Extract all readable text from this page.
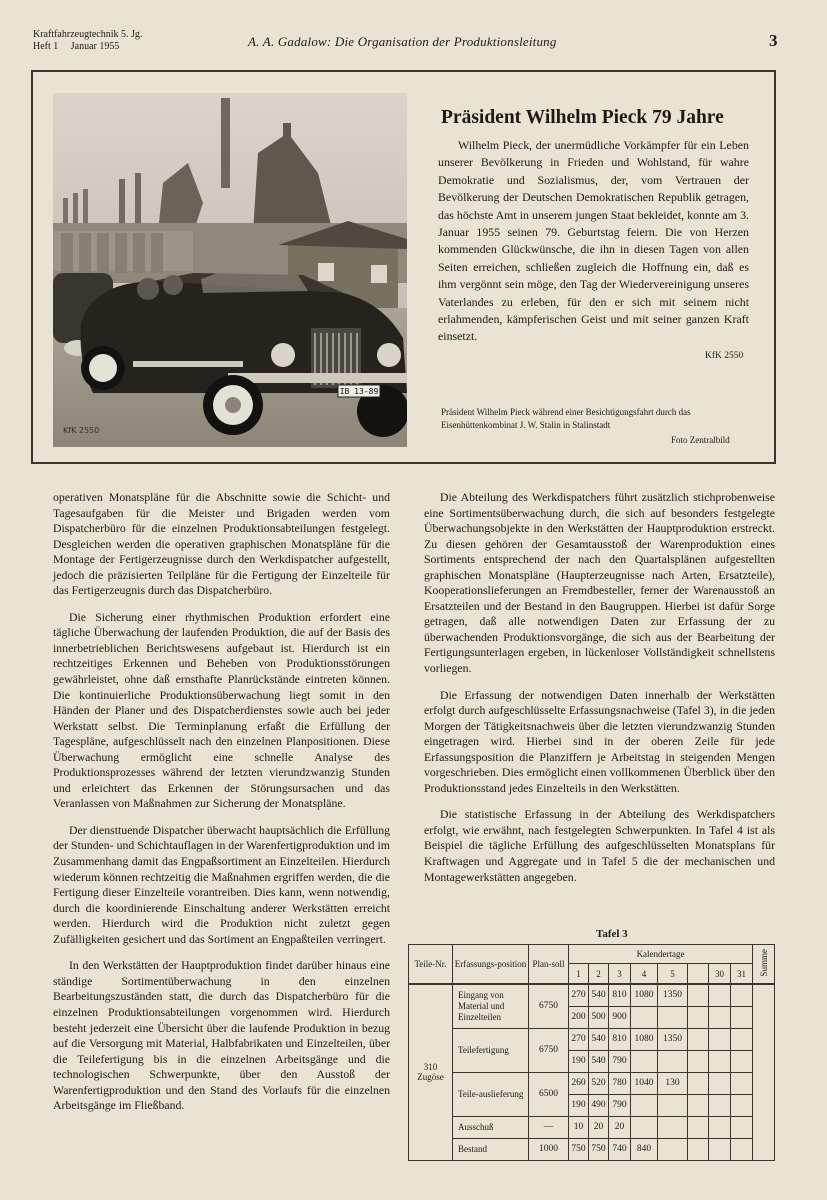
Kraftfahrzeugtechnik 5. Jg.
Heft 1     Januar 1955	A. A. Gadalow: Die Organisation der Produktionsleitung	3
IB 13-89
KfK 2550
Präsident Wilhelm Pieck 79 Jahre

Wilhelm Pieck, der unermüdliche Vorkämpfer für ein Leben unserer Bevölkerung in Frieden und Wohlstand, für wahre Demokratie und Sozialismus, der, vom Vertrauen der Bevölkerung der Deutschen Demokratischen Republik getragen, das höchste Amt in unserem jungen Staat bekleidet, konnte am 3. Januar 1955 seinen 79. Geburtstag feiern. Die von Herzen kommenden Glückwünsche, die ihn in diesen Tagen von allen Seiten erreichen, schließen zugleich die Hoffnung ein, daß es ihm vergönnt sein möge, den Tag der Wiedervereinigung unseres Vaterlandes zu erleben, für den er sich mit seinem nicht erlahmenden, kämpferischen Geist und mit seiner ganzen Kraft einsetzt.

KfK 2550
Präsident Wilhelm Pieck während einer Besichtigungsfahrt durch das Eisenhüttenkombinat J. W. Stalin in Stalinstadt
Foto Zentralbild

operativen Monatspläne für die Abschnitte sowie die Schicht- und Tagesaufgaben für die Meister und Brigaden werden vom Dispatcherbüro für die einzelnen Produktionsabteilungen festgelegt. Desgleichen werden die operativen graphischen Monatspläne für die Montage der Fertigerzeugnisse durch den Werkdispatcher aufgestellt, jedoch die präzisierten Teilpläne für die Fertigung der Einzelteile für das Fertigerzeugnis durch das Dispatcherbüro.

Die Sicherung einer rhythmischen Produktion erfordert eine tägliche Überwachung der laufenden Produktion, die auf der Basis des innerbetrieblichen Berichtswesens aufgebaut ist. Hierdurch ist ein rechtzeitiges Erkennen und Beheben von Produktionsstörungen gewährleistet, ohne daß ernsthafte Planrückstände eintreten können. Die kontinuierliche Produktionsüberwachung liegt somit in den Händen der Planer und des Dispatcherdienstes sowie auch bei jeder Werkstatt selbst. Die Terminplanung erfaßt die Erfüllung der Tagespläne, aufgeschlüsselt nach den einzelnen Planpositionen. Diese Überwachung ermöglicht eine schnelle Analyse des Produktionsprozesses während der letzten vierundzwanzig Stunden und erleichtert das Erkennen der Störungsursachen und das Veranlassen von Maßnahmen zur Sicherung der Monatspläne.

Der diensttuende Dispatcher überwacht hauptsächlich die Erfüllung der Stunden- und Schichtauflagen in der Warenfertigproduktion und im Zusammenhang damit das Engpaßsortiment an Einzelteilen. Hierdurch wiederum können rechtzeitig die Maßnahmen ergriffen werden, die die Fertigung dieser Einzelteile vorantreiben. Dies kann, wenn notwendig, durch die koordinierende Einschaltung anderer Werkstätten erreicht werden. Hierdurch wird die Produktion nicht zuletzt gegen Zufälligkeiten gesichert und das Sortiment an Engpaßteilen verringert.

In den Werkstätten der Hauptproduktion findet darüber hinaus eine ständige Sortimentüberwachung in den einzelnen Bearbeitungszuständen statt, die durch das Dispatcherbüro für die einzelnen Produktionsabteilungen vorgenommen wird. Hierdurch besteht jederzeit eine Übersicht über die laufende Produktion in bezug auf die Versorgung mit Material, Halbfabrikaten und Einzelteilen, über die Teilefertigung bis in die einzelnen Arbeitsgänge und die technologischen Schwerpunkte, über den Ausstoß der Warenfertigproduktion und den Stand des Vorlaufs für die einzelnen Arbeitsgänge im Fließband.

Die Abteilung des Werkdispatchers führt zusätzlich stichprobenweise eine Sortimentsüberwachung durch, die sich auf besonders festgelegte Überwachungsobjekte in den Werkstätten der Hauptproduktion erstreckt. Zu diesen gehören der Gesamtausstoß der Warenproduktion eines Sortiments entsprechend der nach den Quartalsplänen aufgestellten graphischen Monatspläne (Haupterzeugnisse nach Arten, Ersatzteile), Kooperationslieferungen an Fremdbesteller, ferner der Warenausstoß an Ersatzteilen und der Bestand in den Baugruppen. Hierbei ist dafür Sorge getragen, daß alle notwendigen Daten zur Erfassung der zu überwachenden Produktionsvorgänge, die sich aus der Bearbeitung der Fertigungsunterlagen ergeben, in lückenloser Vollständigkeit schnellstens vorliegen.

Die Erfassung der notwendigen Daten innerhalb der Werkstätten erfolgt durch aufgeschlüsselte Erfassungsnachweise (Tafel 3), in die jeden Morgen der Tätigkeitsnachweis über die letzten vierundzwanzig Stunden eingetragen wird. Hierbei sind in der oberen Zeile für jede Erfassungsposition die Planziffern je Arbeitstag in steigenden Mengen vorgeschrieben. Dies ermöglicht einen vollkommenen Überblick über den Produktionsstand jedes Einzelteils in den Werkstätten.

Die statistische Erfassung in der Abteilung des Werkdispatchers erfolgt, wie erwähnt, nach festgelegten Schwerpunkten. In Tafel 4 ist als Beispiel die tägliche Erfüllung des aufgeschlüsselten Monatsplans für Kraftwagen und Aggregate und in Tafel 5 die der mechanischen und Montagewerkstätten angegeben.

Tafel 3
Teile-Nr.	Erfassungs-position	Plan-soll	Kalendertage								Summe
			1	2	3	4	5		30	31	
310
Zugöse	Eingang von Material und Einzelteilen	6750	270	540	810	1080	1350				
			200	500	900						
	Teilefertigung	6750	270	540	810	1080	1350				
			190	540	790						
	Teile-auslieferung	6500	260	520	780	1040	130				
			190	490	790						
	Ausschuß	—	10	20	20						
	Bestand	1000	750	750	740	840					
